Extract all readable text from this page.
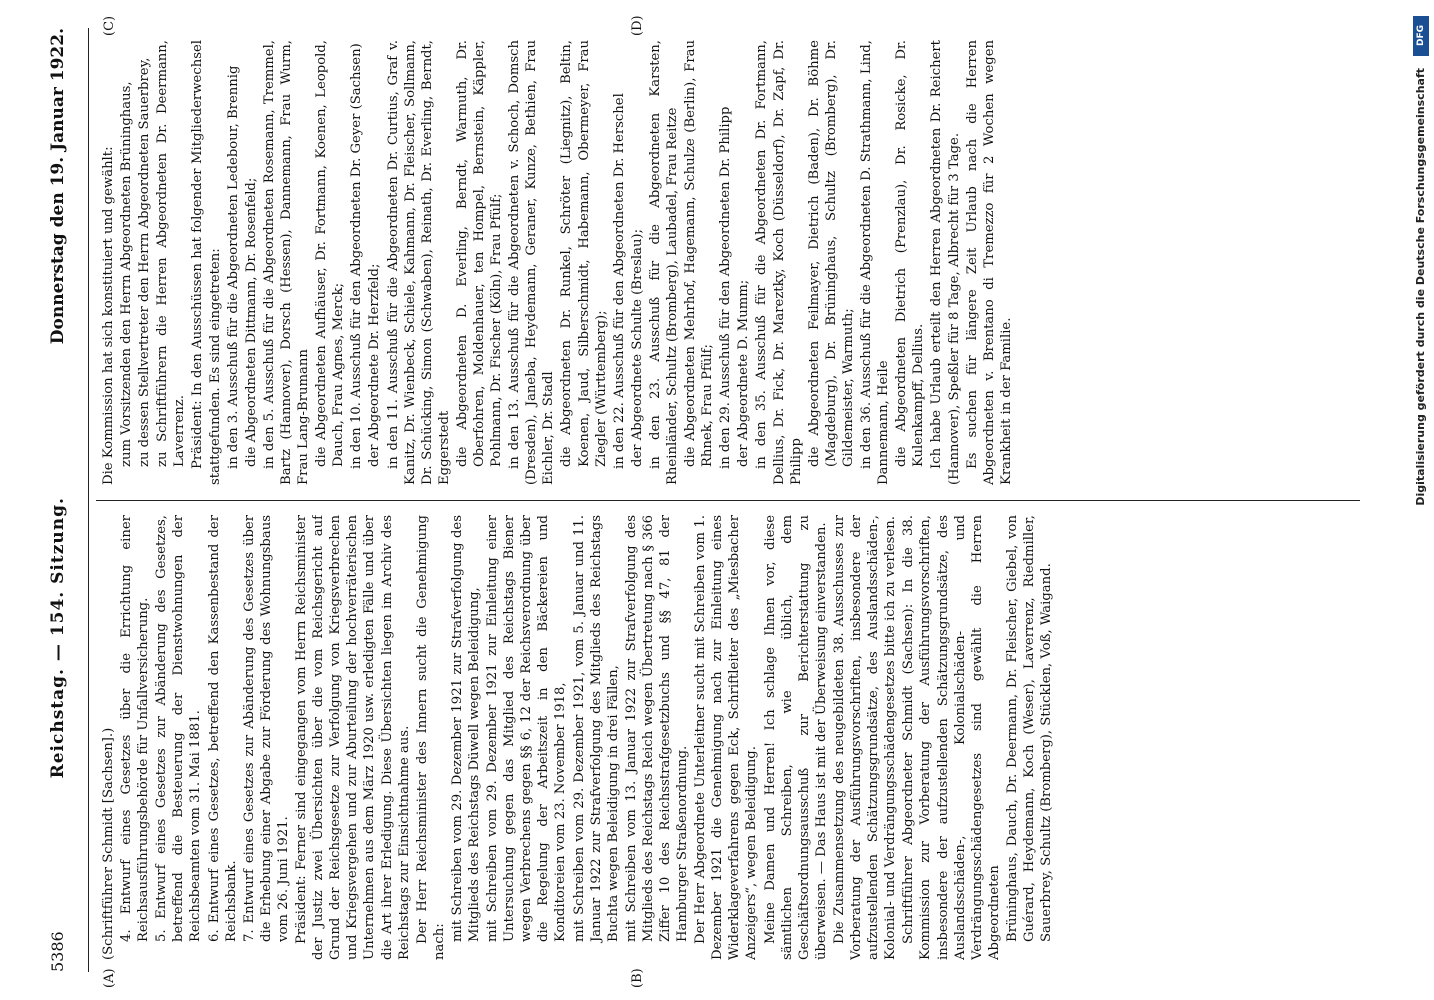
5386
Reichstag. — 154. Sitzung.
Donnerstag den 19. Januar 1922.
(A)	(B)
(C)	(D)

(Schriftführer Schmidt [Sachsen].) 4. Entwurf eines Gesetzes über die Errichtung einer Reichsausführungsbehörde für Unfallversicherung. 5. Entwurf eines Gesetzes zur Abänderung des Gesetzes, betreffend die Besteuerung der Dienstwohnungen der Reichsbeamten vom 31. Mai 1881. 6. Entwurf eines Gesetzes, betreffend den Kassenbestand der Reichsbank. 7. Entwurf eines Gesetzes zur Abänderung des Gesetzes über die Erhebung einer Abgabe zur Förderung des Wohnungsbaus vom 26. Juni 1921. Präsident: Ferner sind eingegangen vom Herrn Reichsminister der Justiz zwei Übersichten über die vom Reichsgericht auf Grund der Reichsgesetze zur Verfolgung von Kriegsverbrechen und Kriegsvergehen und zur Aburteilung der hochverräterischen Unternehmen aus dem März 1920 usw. erledigten Fälle und über die Art ihrer Erledigung. Diese Übersichten liegen im Archiv des Reichstags zur Einsichtnahme aus. Der Herr Reichsminister des Innern sucht die Genehmigung nach: mit Schreiben vom 29. Dezember 1921 zur Strafverfolgung des Mitglieds des Reichstags Düwell wegen Beleidigung, mit Schreiben vom 29. Dezember 1921 zur Einleitung einer Untersuchung gegen das Mitglied des Reichstags Biener wegen Verbrechens gegen §§ 6, 12 der Reichsverordnung über die Regelung der Arbeitszeit in den Bäckereien und Konditoreien vom 23. November 1918, mit Schreiben vom 29. Dezember 1921, vom 5. Januar und 11. Januar 1922 zur Strafverfolgung des Mitglieds des Reichstags Buchta wegen Beleidigung in drei Fällen, mit Schreiben vom 13. Januar 1922 zur Strafverfolgung des Mitglieds des Reichstags Reich wegen Übertretung nach § 366 Ziffer 10 des Reichsstrafgesetzbuchs und §§ 47, 81 der Hamburger Straßenordnung. Der Herr Abgeordnete Unterleitner sucht mit Schreiben vom 1. Dezember 1921 die Genehmigung nach zur Einleitung eines Widerklageverfahrens gegen Eck, Schriftleiter des „Miesbacher Anzeigers“, wegen Beleidigung. Meine Damen und Herren! Ich schlage Ihnen vor, diese sämtlichen Schreiben, wie üblich, dem Geschäftsordnungsausschuß zur Berichterstattung zu überweisen. — Das Haus ist mit der Überweisung einverstanden. Die Zusammensetzung des neugebildeten 38. Ausschusses zur Vorberatung der Ausführungsvorschriften, insbesondere der aufzustellenden Schätzungsgrundsätze, des Auslandsschäden-, Kolonial- und Verdrängungsschädengesetzes bitte ich zu verlesen. Schriftführer Abgeordneter Schmidt (Sachsen): In die 38. Kommission zur Vorberatung der Ausführungsvorschriften, insbesondere der aufzustellenden Schätzungsgrundsätze, des Auslandsschäden-, Kolonialschäden- und Verdrängungsschädengesetzes sind gewählt die Herren Abgeordneten Brüninghaus, Dauch, Dr. Deermann, Dr. Fleischer, Giebel, von Guérard, Heydemann, Koch (Weser), Laverrenz, Riedmiller, Sauerbrey, Schultz (Bromberg), Stücklen, Voß, Waigand.

Die Kommission hat sich konstituiert und gewählt: zum Vorsitzenden den Herrn Abgeordneten Brüninghaus, zu dessen Stellvertreter den Herrn Abgeordneten Sauerbrey, zu Schriftführern die Herren Abgeordneten Dr. Deermann, Laverrenz. Präsident: In den Ausschüssen hat folgender Mitgliederwechsel stattgefunden. Es sind eingetreten: in den 3. Ausschuß für die Abgeordneten Ledebour, Brennig die Abgeordneten Dittmann, Dr. Rosenfeld; in den 5. Ausschuß für die Abgeordneten Rosemann, Tremmel, Bartz (Hannover), Dorsch (Hessen), Dannemann, Frau Wurm, Frau Lang-Brumann die Abgeordneten Aufhäuser, Dr. Fortmann, Koenen, Leopold, Dauch, Frau Agnes, Merck; in den 10. Ausschuß für den Abgeordneten Dr. Geyer (Sachsen) der Abgeordnete Dr. Herzfeld; in den 11. Ausschuß für die Abgeordneten Dr. Curtius, Graf v. Kanitz, Dr. Wienbeck, Schiele, Kahmann, Dr. Fleischer, Sollmann, Dr. Schücking, Simon (Schwaben), Reinath, Dr. Everling, Berndt, Eggerstedt die Abgeordneten D. Everling, Berndt, Warmuth, Dr. Oberfohren, Moldenhauer, ten Hompel, Bernstein, Käppler, Pohlmann, Dr. Fischer (Köln), Frau Pfülf; in den 13. Ausschuß für die Abgeordneten v. Schoch, Domsch (Dresden), Janeba, Heydemann, Geraner, Kunze, Bethien, Frau Eichler, Dr. Stadl die Abgeordneten Dr. Runkel, Schröter (Liegnitz), Beltin, Koenen, Jaud, Silberschmidt, Habemann, Obermeyer, Frau Ziegler (Württemberg); in den 22. Ausschuß für den Abgeordneten Dr. Herschel der Abgeordnete Schulte (Breslau); in den 23. Ausschuß für die Abgeordneten Karsten, Rheinländer, Schultz (Bromberg), Laubadel, Frau Reitze die Abgeordneten Mehrhof, Hagemann, Schulze (Berlin), Frau Rhnek, Frau Pfülf; in den 29. Ausschuß für den Abgeordneten Dr. Philipp der Abgeordnete D. Mumm; in den 35. Ausschuß für die Abgeordneten Dr. Fortmann, Dellius, Dr. Fick, Dr. Mareztky, Koch (Düsseldorf), Dr. Zapf, Dr. Philipp die Abgeordneten Feilmayer, Dietrich (Baden), Dr. Böhme (Magdeburg), Dr. Brüninghaus, Schultz (Bromberg), Dr. Gildemeister, Warmuth; in den 36. Ausschuß für die Abgeordneten D. Strathmann, Lind, Dannemann, Heile die Abgeordneten Dietrich (Prenzlau), Dr. Rosicke, Dr. Kulenkampff, Dellius. Ich habe Urlaub erteilt den Herren Abgeordneten Dr. Reichert (Hannover), Speßler für 8 Tage, Albrecht für 3 Tage. Es suchen für längere Zeit Urlaub nach die Herren Abgeordneten v. Brentano di Tremezzo für 2 Wochen wegen Krankheit in der Familie.

DFG
Digitalisierung gefördert durch die Deutsche Forschungsgemeinschaft
